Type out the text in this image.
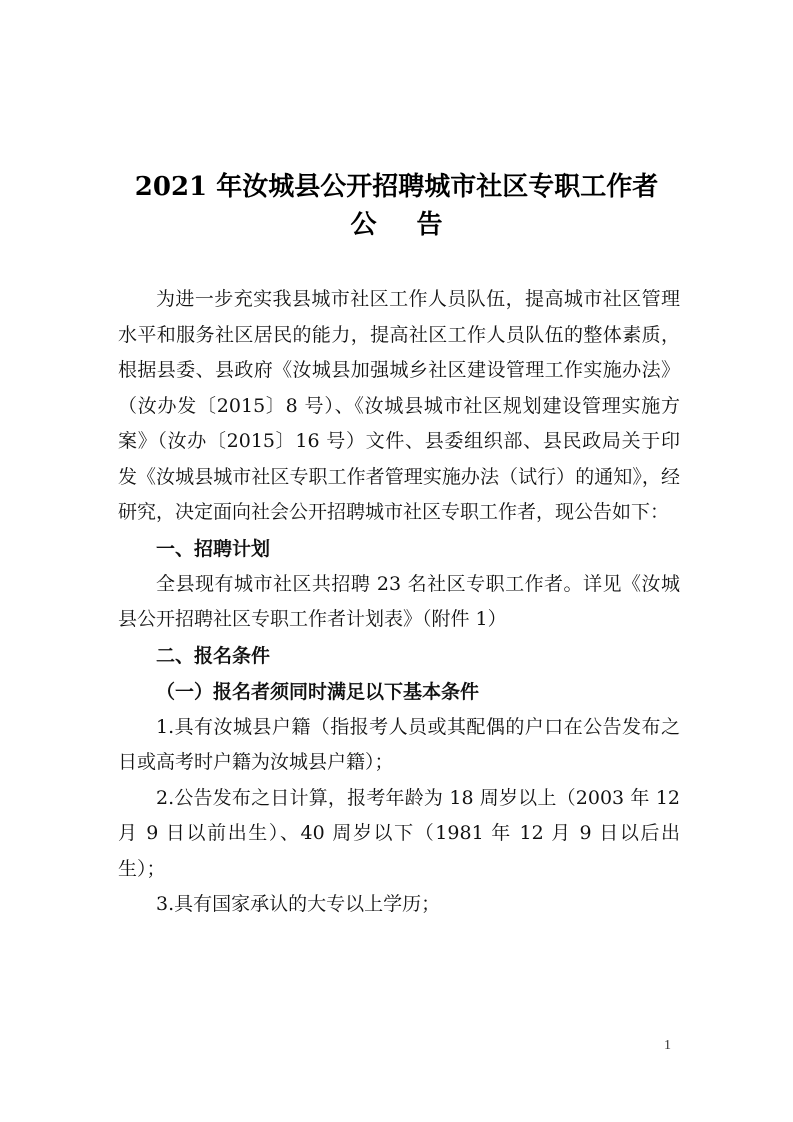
2021 年汝城县公开招聘城市社区专职工作者
公告

为进一步充实我县城市社区工作人员队伍，提高城市社区管理水平和服务社区居民的能力，提高社区工作人员队伍的整体素质，根据县委、县政府《汝城县加强城乡社区建设管理工作实施办法》（汝办发〔2015〕8 号）、《汝城县城市社区规划建设管理实施方案》（汝办〔2015〕16 号）文件、县委组织部、县民政局关于印发《汝城县城市社区专职工作者管理实施办法（试行）的通知》，经研究，决定面向社会公开招聘城市社区专职工作者，现公告如下：

一、招聘计划

全县现有城市社区共招聘 23 名社区专职工作者。详见《汝城县公开招聘社区专职工作者计划表》（附件 1）

二、报名条件

（一）报名者须同时满足以下基本条件

1.具有汝城县户籍（指报考人员或其配偶的户口在公告发布之日或高考时户籍为汝城县户籍）；

2.公告发布之日计算，报考年龄为 18 周岁以上（2003 年 12 月 9 日以前出生）、40 周岁以下（1981 年 12 月 9 日以后出生）；

3.具有国家承认的大专以上学历；

1
